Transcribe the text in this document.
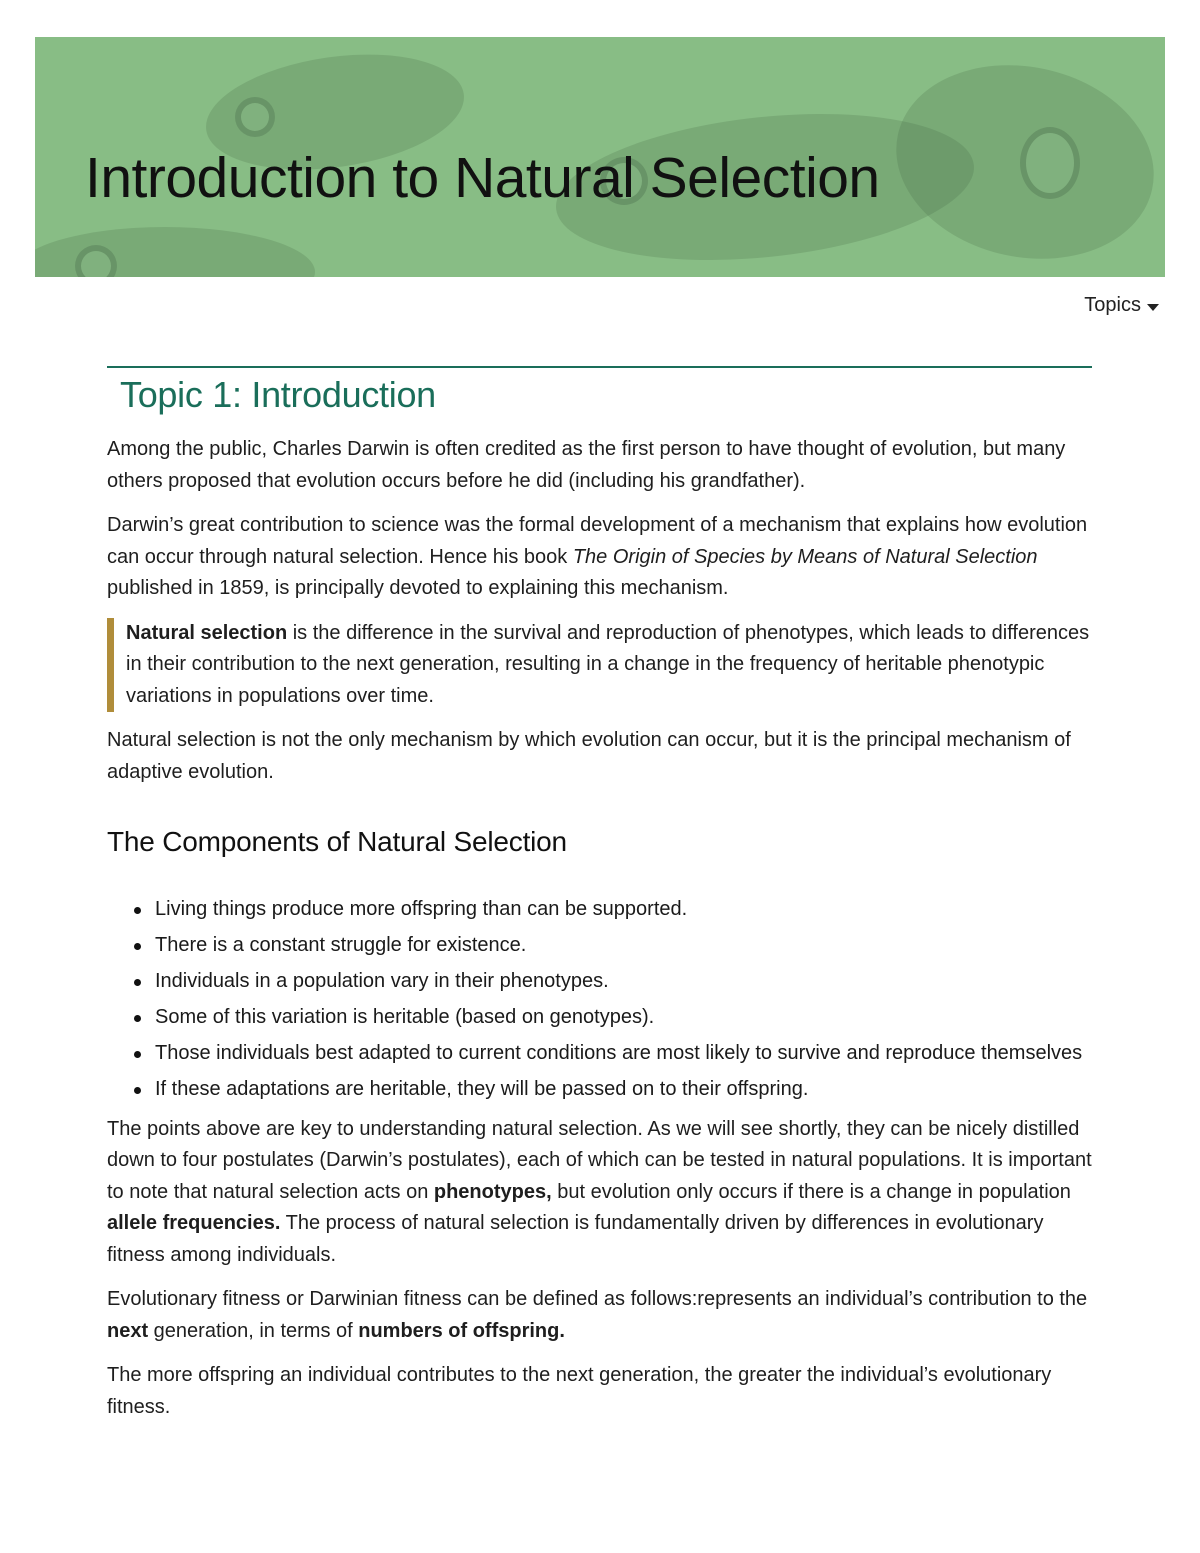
Introduction to Natural Selection
Topics
Topic 1: Introduction

Among the public, Charles Darwin is often credited as the first person to have thought of evolution, but many others proposed that evolution occurs before he did (including his grandfather).

Darwin’s great contribution to science was the formal development of a mechanism that explains how evolution can occur through natural selection. Hence his book The Origin of Species by Means of Natural Selection published in 1859, is principally devoted to explaining this mechanism.

Natural selection is the difference in the survival and reproduction of phenotypes, which leads to differences in their contribution to the next generation, resulting in a change in the frequency of heritable phenotypic variations in populations over time.

Natural selection is not the only mechanism by which evolution can occur, but it is the principal mechanism of adaptive evolution.

The Components of Natural Selection
Living things produce more offspring than can be supported.
There is a constant struggle for existence.
Individuals in a population vary in their phenotypes.
Some of this variation is heritable (based on genotypes).
Those individuals best adapted to current conditions are most likely to survive and reproduce themselves
If these adaptations are heritable, they will be passed on to their offspring.

The points above are key to understanding natural selection. As we will see shortly, they can be nicely distilled down to four postulates (Darwin’s postulates), each of which can be tested in natural populations. It is important to note that natural selection acts on phenotypes, but evolution only occurs if there is a change in population allele frequencies. The process of natural selection is fundamentally driven by differences in evolutionary fitness among individuals.

Evolutionary fitness or Darwinian fitness can be defined as follows:represents an individual’s contribution to the next generation, in terms of numbers of offspring.

The more offspring an individual contributes to the next generation, the greater the individual’s evolutionary fitness.
